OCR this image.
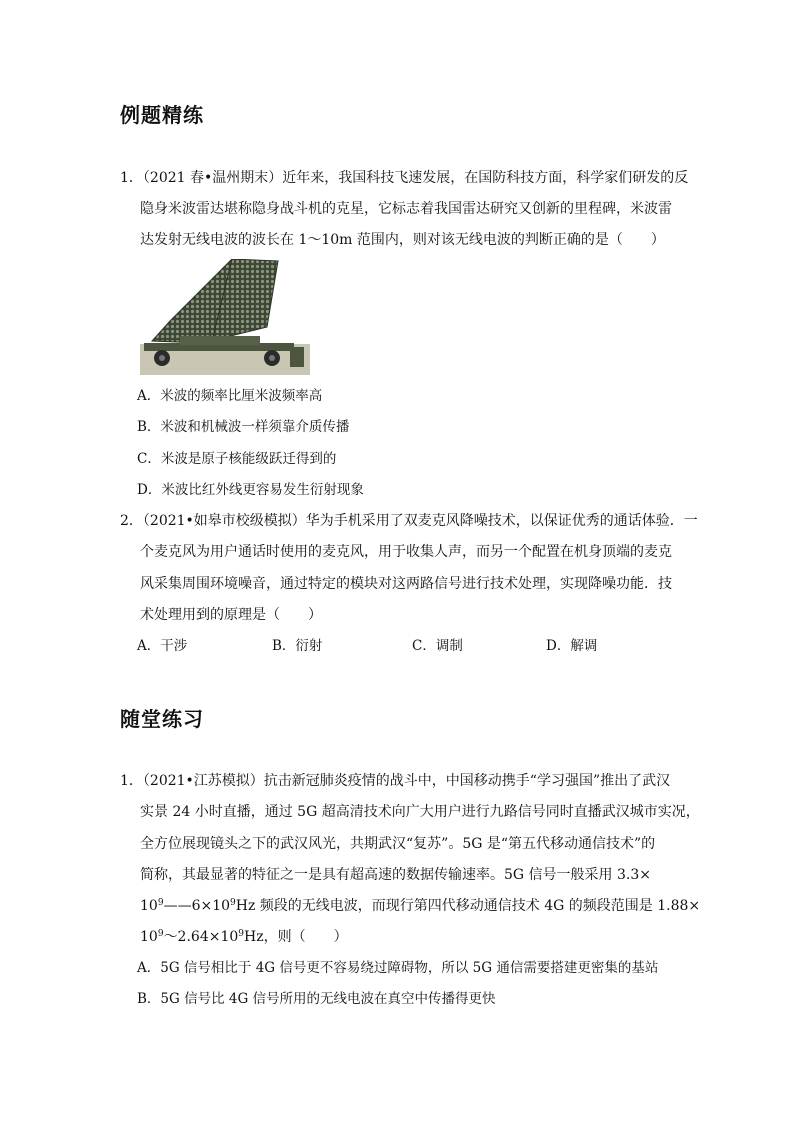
例题精练
1．（2021 春•温州期末）近年来，我国科技飞速发展，在国防科技方面，科学家们研发的反
隐身米波雷达堪称隐身战斗机的克星，它标志着我国雷达研究又创新的里程碑，米波雷
达发射无线电波的波长在 1～10m 范围内，则对该无线电波的判断正确的是（　　）
A．米波的频率比厘米波频率高
B．米波和机械波一样须靠介质传播
C．米波是原子核能级跃迁得到的
D．米波比红外线更容易发生衍射现象
2．（2021•如皋市校级模拟）华为手机采用了双麦克风降噪技术，以保证优秀的通话体验．一
个麦克风为用户通话时使用的麦克风，用于收集人声，而另一个配置在机身顶端的麦克
风采集周围环境噪音，通过特定的模块对这两路信号进行技术处理，实现降噪功能．技
术处理用到的原理是（　　）
A．干涉	B．衍射	C．调制	D．解调
随堂练习
1．（2021•江苏模拟）抗击新冠肺炎疫情的战斗中，中国移动携手“学习强国”推出了武汉
实景 24 小时直播，通过 5G 超高清技术向广大用户进行九路信号同时直播武汉城市实况，
全方位展现镜头之下的武汉风光，共期武汉“复苏”。5G 是“第五代移动通信技术”的
简称，其最显著的特征之一是具有超高速的数据传输速率。5G 信号一般采用 3.3×
$10^9——6\times 10^9Hz$ 频段的无线电波，而现行第四代移动通信技术 4G 的频段范围是 1.88×
$10^9\sim 2.64\times 10^9Hz$，则（　　）
A．5G 信号相比于 4G 信号更不容易绕过障碍物，所以 5G 通信需要搭建更密集的基站
B．5G 信号比 4G 信号所用的无线电波在真空中传播得更快
